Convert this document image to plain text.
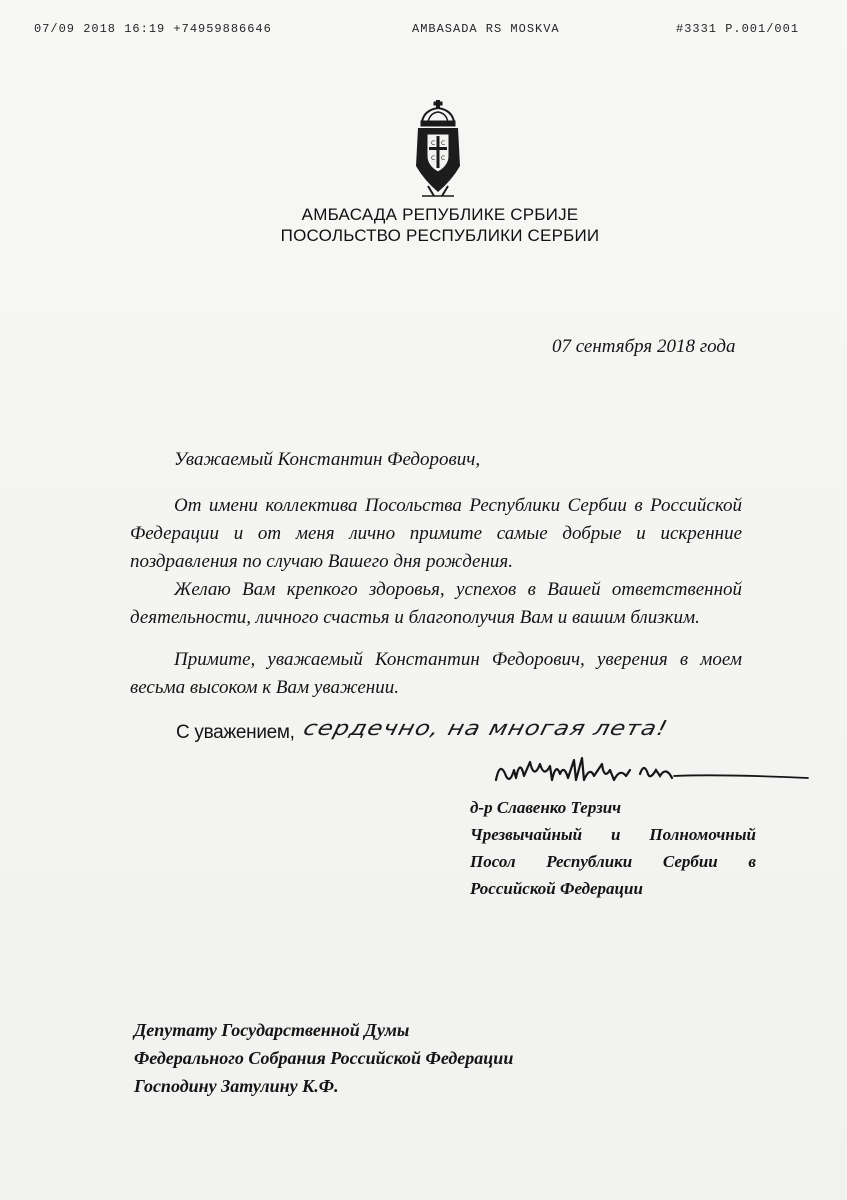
07/09 2018 16:19 +74959886646	AMBASADA RS MOSKVA	#3331 P.001/001
С С
С С
АМБАСАДА РЕПУБЛИКЕ СРБИЈЕ
ПОСОЛЬСТВО РЕСПУБЛИКИ СЕРБИИ
07 сентября 2018 года
Уважаемый Константин Федорович,
От имени коллектива Посольства Республики Сербии в Российской Федерации и от меня лично примите самые добрые и искренние поздравления по случаю Вашего дня рождения.
Желаю Вам крепкого здоровья, успехов в Вашей ответственной деятельности, личного счастья и благополучия Вам и вашим близким.
Примите, уважаемый Константин Федорович, уверения в моем весьма высоком к Вам уважении.
С уважением, сердечно, на многая лета!
д-р Славенко Терзич
Чрезвычайный и Полномочный
Посол Республики Сербии в
Российской Федерации
Депутату Государственной Думы
Федерального Собрания Российской Федерации
Господину Затулину К.Ф.
